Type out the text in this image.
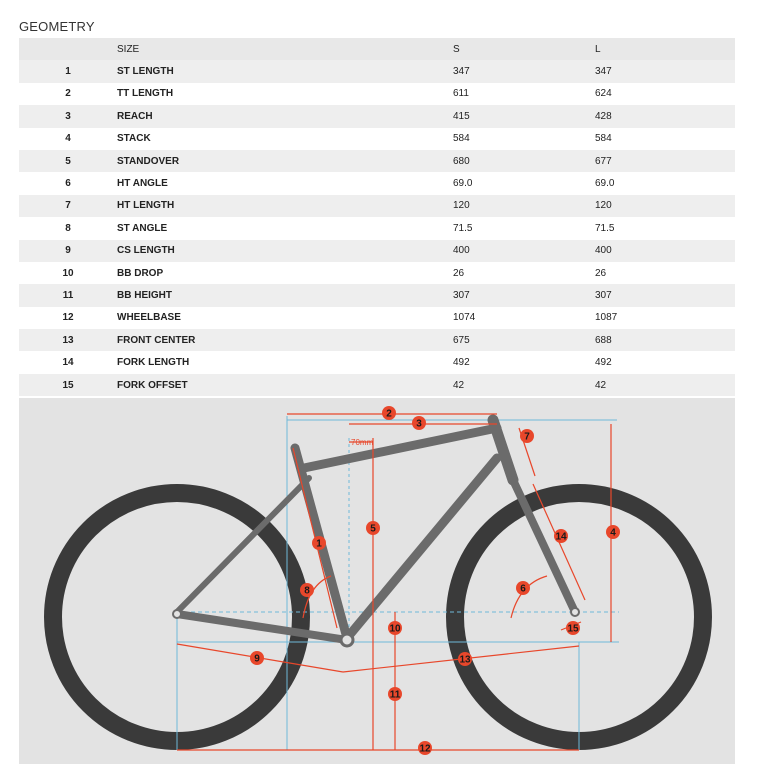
GEOMETRY
	SIZE	S	L
1	ST LENGTH	347	347
2	TT LENGTH	611	624
3	REACH	415	428
4	STACK	584	584
5	STANDOVER	680	677
6	HT ANGLE	69.0	69.0
7	HT LENGTH	120	120
8	ST ANGLE	71.5	71.5
9	CS LENGTH	400	400
10	BB DROP	26	26
11	BB HEIGHT	307	307
12	WHEELBASE	1074	1087
13	FRONT CENTER	675	688
14	FORK LENGTH	492	492
15	FORK OFFSET	42	42
70mm
1
2
3
4
5
6
7
8
9
10
11
12
13
14
15
